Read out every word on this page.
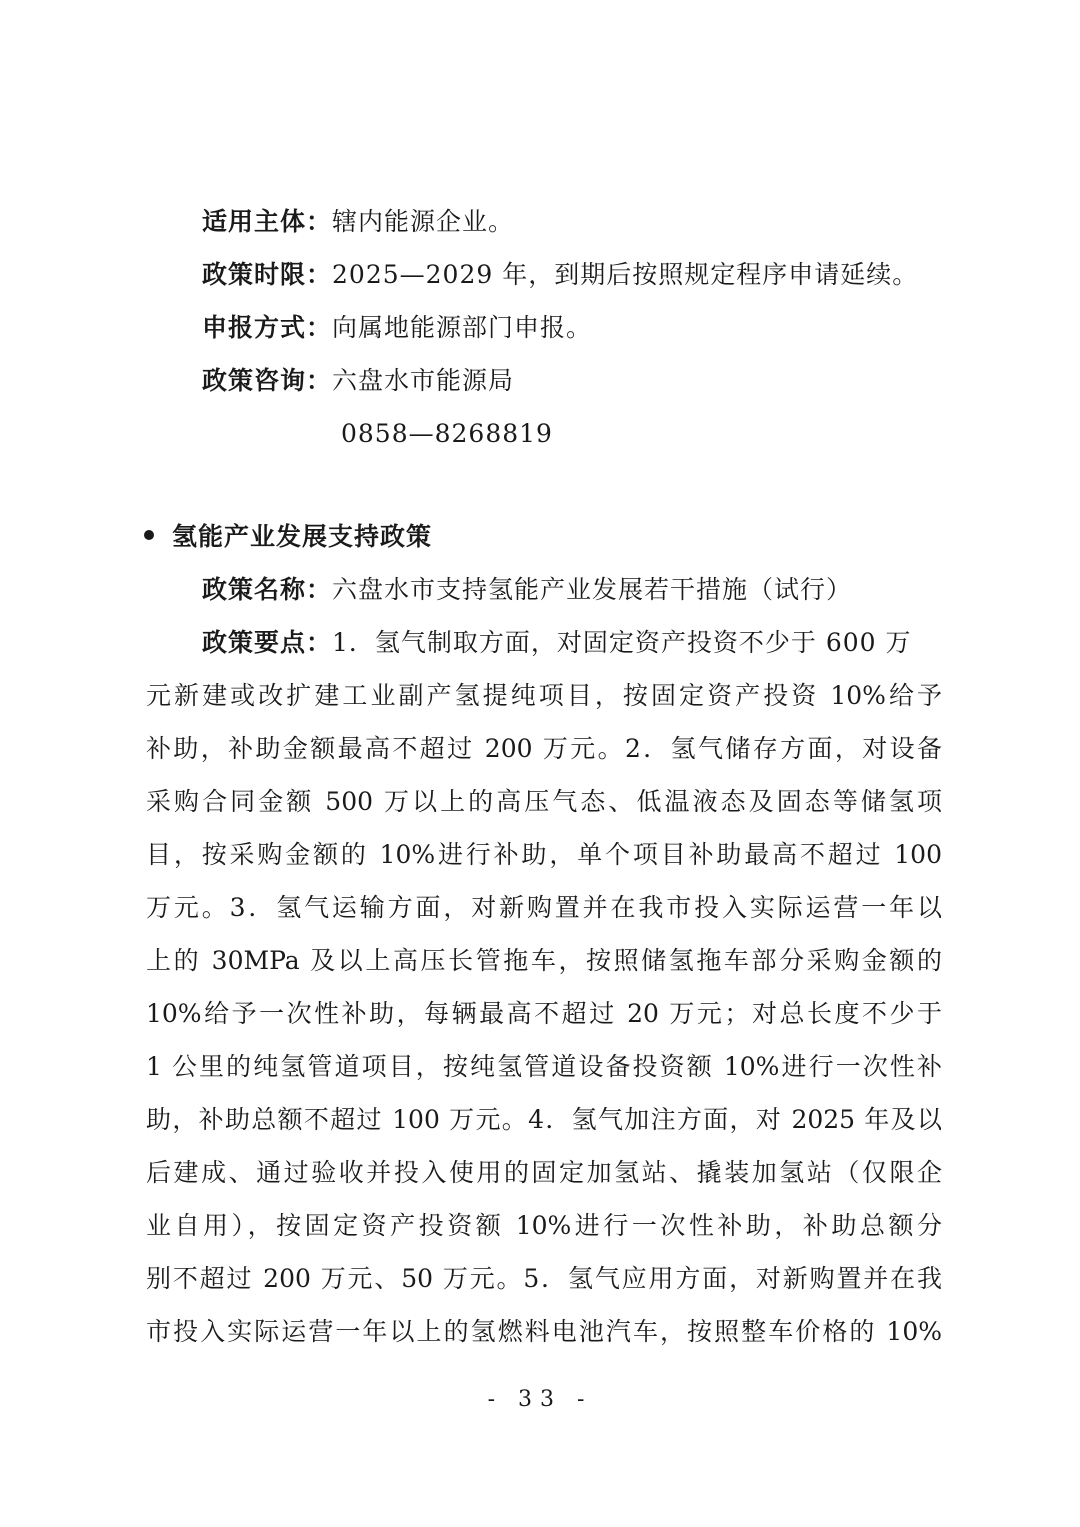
适用主体：辖内能源企业。
政策时限：2025—2029 年，到期后按照规定程序申请延续。
申报方式：向属地能源部门申报。
政策咨询：六盘水市能源局
0858—8268819
氢能产业发展支持政策
政策名称：六盘水市支持氢能产业发展若干措施（试行）
政策要点：1．氢气制取方面，对固定资产投资不少于 600 万
元新建或改扩建工业副产氢提纯项目，按固定资产投资 10%给予
补助，补助金额最高不超过 200 万元。2．氢气储存方面，对设备
采购合同金额 500 万以上的高压气态、低温液态及固态等储氢项
目，按采购金额的 10%进行补助，单个项目补助最高不超过 100
万元。3．氢气运输方面，对新购置并在我市投入实际运营一年以
上的 30MPa 及以上高压长管拖车，按照储氢拖车部分采购金额的
10%给予一次性补助，每辆最高不超过 20 万元；对总长度不少于
1 公里的纯氢管道项目，按纯氢管道设备投资额 10%进行一次性补
助，补助总额不超过 100 万元。4．氢气加注方面，对 2025 年及以
后建成、通过验收并投入使用的固定加氢站、撬装加氢站（仅限企
业自用），按固定资产投资额 10%进行一次性补助，补助总额分
别不超过 200 万元、50 万元。5．氢气应用方面，对新购置并在我
市投入实际运营一年以上的氢燃料电池汽车，按照整车价格的 10%
- 33 -
